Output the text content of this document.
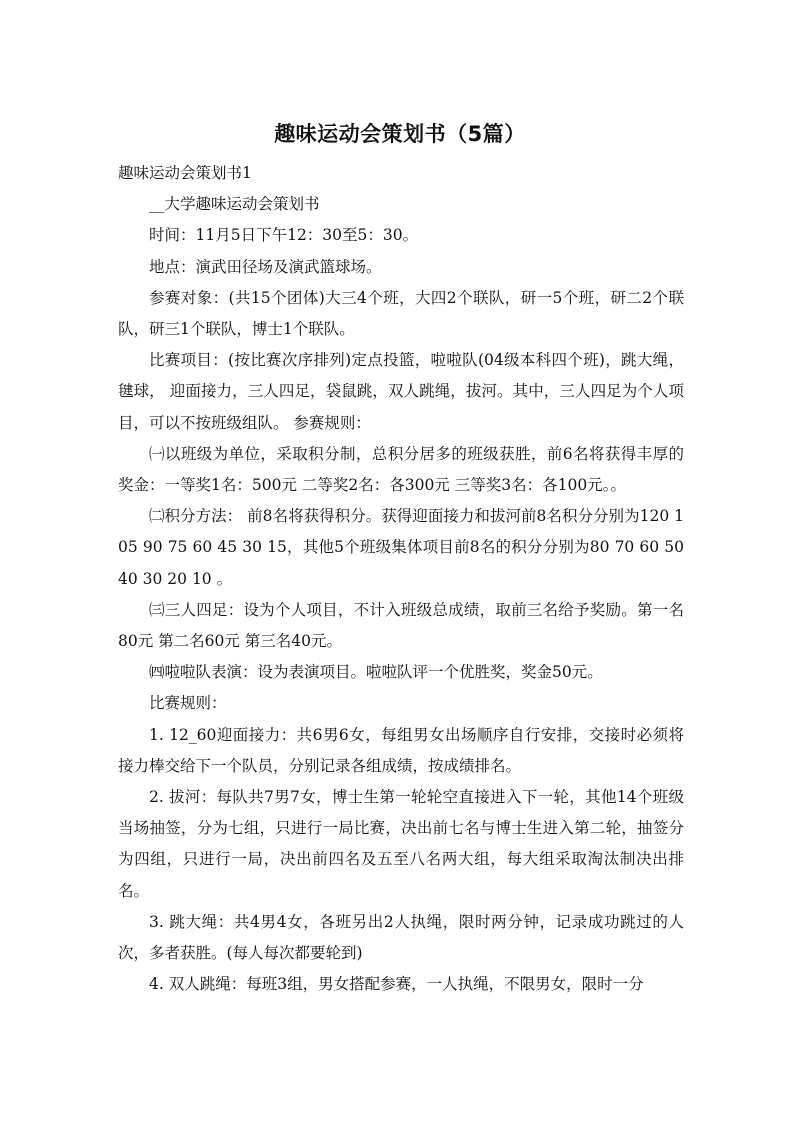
趣味运动会策划书（5篇）

趣味运动会策划书1

__大学趣味运动会策划书

时间：11月5日下午12：30至5：30。

地点：演武田径场及演武篮球场。

参赛对象：(共15个团体)大三4个班，大四2个联队，研一5个班，研二2个联队，研三1个联队，博士1个联队。

比赛项目：(按比赛次序排列)定点投篮，啦啦队(04级本科四个班)，跳大绳，毽球， 迎面接力，三人四足，袋鼠跳，双人跳绳，拔河。其中，三人四足为个人项目，可以不按班级组队。 参赛规则：

㈠以班级为单位，采取积分制，总积分居多的班级获胜，前6名将获得丰厚的奖金：一等奖1名：500元 二等奖2名：各300元 三等奖3名：各100元。。

㈡积分方法： 前8名将获得积分。获得迎面接力和拔河前8名积分分别为120 105 90 75 60 45 30 15，其他5个班级集体项目前8名的积分分别为80 70 60 50 40 30 20 10 。

㈢三人四足：设为个人项目，不计入班级总成绩，取前三名给予奖励。第一名80元 第二名60元 第三名40元。

㈣啦啦队表演：设为表演项目。啦啦队评一个优胜奖，奖金50元。

比赛规则：

1. 12_60迎面接力：共6男6女，每组男女出场顺序自行安排，交接时必须将接力棒交给下一个队员，分别记录各组成绩，按成绩排名。

2. 拔河：每队共7男7女，博士生第一轮轮空直接进入下一轮，其他14个班级当场抽签，分为七组，只进行一局比赛，决出前七名与博士生进入第二轮，抽签分为四组，只进行一局，决出前四名及五至八名两大组，每大组采取淘汰制决出排名。

3. 跳大绳：共4男4女，各班另出2人执绳，限时两分钟，记录成功跳过的人次，多者获胜。(每人每次都要轮到)

4. 双人跳绳：每班3组，男女搭配参赛，一人执绳，不限男女，限时一分
